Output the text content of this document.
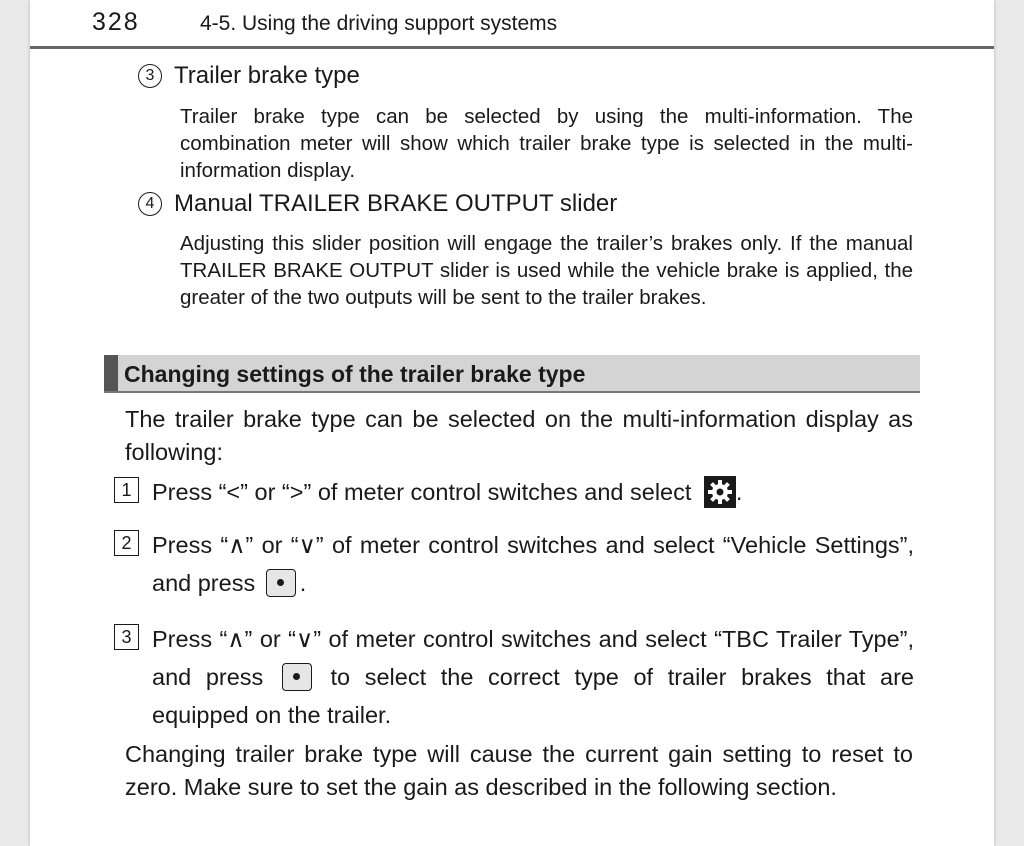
328	4-5. Using the driving support systems
3 Trailer brake type
Trailer brake type can be selected by using the multi-information. The combination meter will show which trailer brake type is selected in the multi-information display.
4 Manual TRAILER BRAKE OUTPUT slider
Adjusting this slider position will engage the trailer’s brakes only. If the manual TRAILER BRAKE OUTPUT slider is used while the vehicle brake is applied, the greater of the two outputs will be sent to the trailer brakes.
Changing settings of the trailer brake type
The trailer brake type can be selected on the multi-information display as following:
1 Press “<” or “>” of meter control switches and select
.
2 Press “∧” or “∨” of meter control switches and select “Vehicle Settings”, and press .
3 Press “∧” or “∨” of meter control switches and select “TBC Trailer Type”, and press  to select the correct type of trailer brakes that are equipped on the trailer.
Changing trailer brake type will cause the current gain setting to reset to zero. Make sure to set the gain as described in the following section.
